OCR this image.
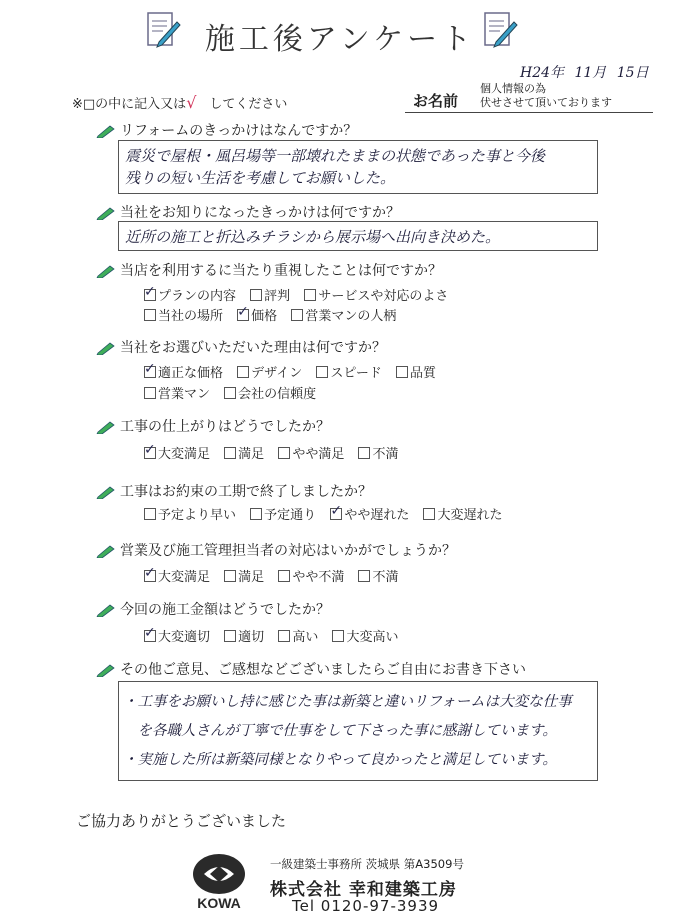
施工後アンケート
H24年 11月 15日
※□の中に記入又は√　 してください	お名前
個人情報の為
伏せさせて頂いております
リフォームのきっかけはなんですか？
震災で屋根・風呂場等一部壊れたままの状態であった事と今後
残りの短い生活を考慮してお願いした。
当社をお知りになったきっかけは何ですか？
近所の施工と折込みチラシから展示場へ出向き決めた。
当店を利用するに当たり重視したことは何ですか？
✓プランの内容 評判 サービスや対応のよさ
当社の場所 ✓ 価格 営業マンの人柄
当社をお選びいただいた理由は何ですか？
✓適正な価格 デザイン スピード 品質
営業マン 会社の信頼度
工事の仕上がりはどうでしたか？
✓大変満足 満足 やや満足 不満
工事はお約束の工期で終了しましたか？
予定より早い 予定通り ✓ やや遅れた 大変遅れた
営業及び施工管理担当者の対応はいかがでしょうか？
✓大変満足 満足 やや不満 不満
今回の施工金額はどうでしたか？
✓大変適切 適切 高い 大変高い
その他ご意見、ご感想などございましたらご自由にお書き下さい
・工事をお願いし持に感じた事は新築と違いリフォームは大変な仕事
　を各職人さんが丁寧で仕事をして下さった事に感謝しています。
・実施した所は新築同様となりやって良かったと満足しています。
ご協力ありがとうございました
KOWA
一級建築士事務所 茨城県 第A3509号
株式会社 幸和建築工房
Tel 0120-97-3939
